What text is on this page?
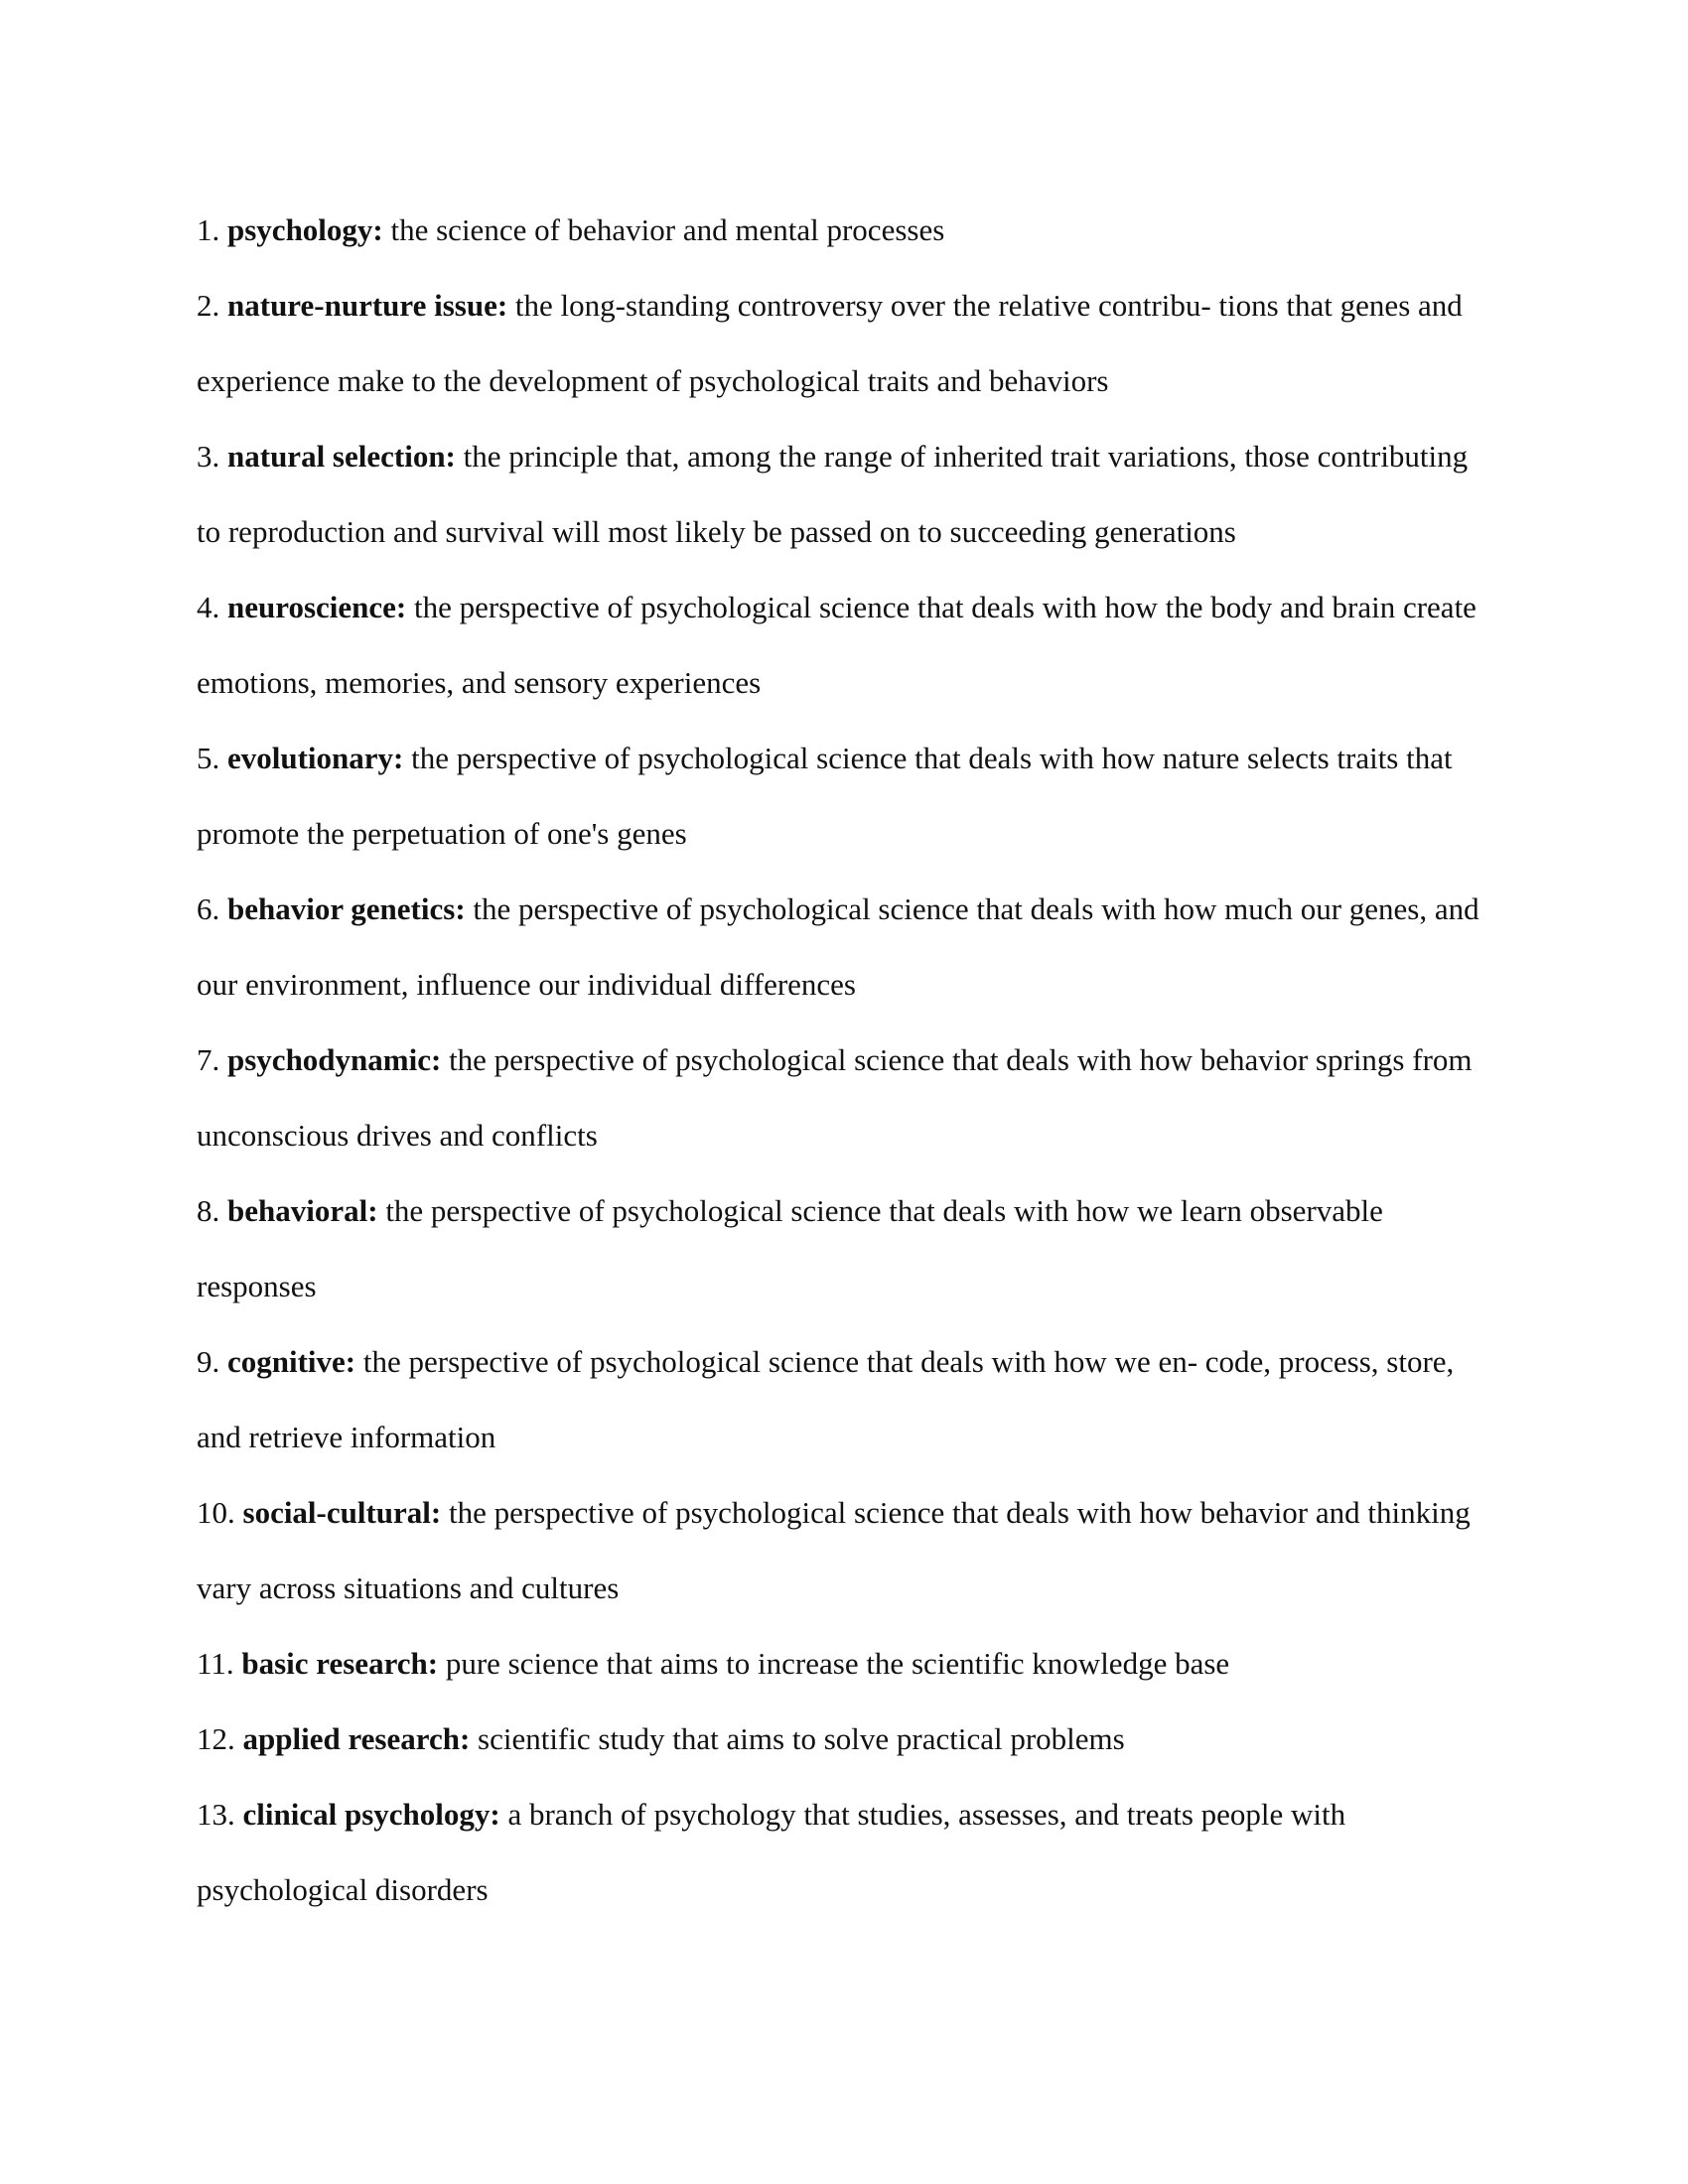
1. psychology: the science of behavior and mental processes
2. nature-nurture issue: the long-standing controversy over the relative contribu- tions that genes and experience make to the development of psychological traits and behaviors
3. natural selection: the principle that, among the range of inherited trait variations, those contributing to reproduction and survival will most likely be passed on to succeeding generations
4. neuroscience: the perspective of psychological science that deals with how the body and brain create emotions, memories, and sensory experiences
5. evolutionary: the perspective of psychological science that deals with how nature selects traits that promote the perpetuation of one's genes
6. behavior genetics: the perspective of psychological science that deals with how much our genes, and our environment, influence our individual differences
7. psychodynamic: the perspective of psychological science that deals with how behavior springs from unconscious drives and conflicts
8. behavioral: the perspective of psychological science that deals with how we learn observable responses
9. cognitive: the perspective of psychological science that deals with how we en- code, process, store, and retrieve information
10. social-cultural: the perspective of psychological science that deals with how behavior and thinking vary across situations and cultures
11. basic research: pure science that aims to increase the scientific knowledge base
12. applied research: scientific study that aims to solve practical problems
13. clinical psychology: a branch of psychology that studies, assesses, and treats people with psychological disorders
